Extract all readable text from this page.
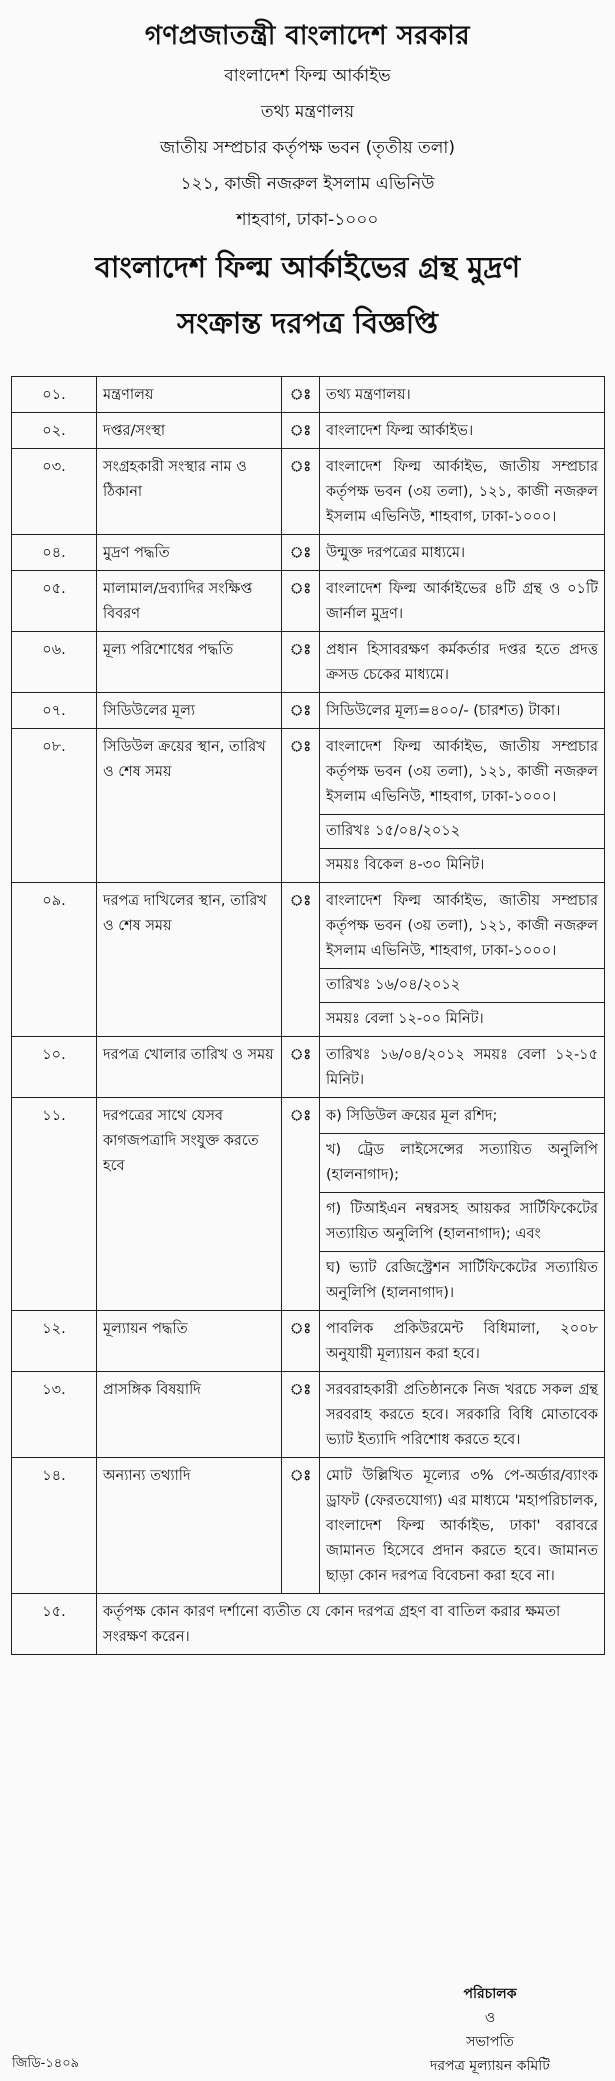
গণপ্রজাতন্ত্রী বাংলাদেশ সরকার
বাংলাদেশ ফিল্ম আর্কাইভ
তথ্য মন্ত্রণালয়
জাতীয় সম্প্রচার কর্তৃপক্ষ ভবন (তৃতীয় তলা)
১২১, কাজী নজরুল ইসলাম এভিনিউ
শাহবাগ, ঢাকা-১০০০
বাংলাদেশ ফিল্ম আর্কাইভের গ্রন্থ মুদ্রণ
সংক্রান্ত দরপত্র বিজ্ঞপ্তি
০১.	মন্ত্রণালয়	ঃ	তথ্য মন্ত্রণালয়।

০২.	দপ্তর/সংস্থা	ঃ	বাংলাদেশ ফিল্ম আর্কাইভ।

০৩.	সংগ্রহকারী সংস্থার নাম ও ঠিকানা	ঃ	বাংলাদেশ ফিল্ম আর্কাইভ, জাতীয় সম্প্রচার কর্তৃপক্ষ ভবন (৩য় তলা), ১২১, কাজী নজরুল ইসলাম এভিনিউ, শাহবাগ, ঢাকা-১০০০।

০৪.	মুদ্রণ পদ্ধতি	ঃ	উন্মুক্ত দরপত্রের মাধ্যমে।

০৫.	মালামাল/দ্রব্যাদির সংক্ষিপ্ত বিবরণ	ঃ	বাংলাদেশ ফিল্ম আর্কাইভের ৪টি গ্রন্থ ও ০১টি জার্নাল মুদ্রণ।

০৬.	মূল্য পরিশোধের পদ্ধতি	ঃ	প্রধান হিসাবরক্ষণ কর্মকর্তার দপ্তর হতে প্রদত্ত ক্রসড চেকের মাধ্যমে।

০৭.	সিডিউলের মূল্য	ঃ	সিডিউলের মূল্য=৪০০/- (চারশত) টাকা।

০৮.	সিডিউল ক্রয়ের স্থান, তারিখ ও শেষ সময়	ঃ	বাংলাদেশ ফিল্ম আর্কাইভ, জাতীয় সম্প্রচার কর্তৃপক্ষ ভবন (৩য় তলা), ১২১, কাজী নজরুল ইসলাম এভিনিউ, শাহবাগ, ঢাকা-১০০০।
তারিখঃ ১৫/০৪/২০১২
সময়ঃ বিকেল ৪-৩০ মিনিট।

০৯.	দরপত্র দাখিলের স্থান, তারিখ ও শেষ সময়	ঃ	বাংলাদেশ ফিল্ম আর্কাইভ, জাতীয় সম্প্রচার কর্তৃপক্ষ ভবন (৩য় তলা), ১২১, কাজী নজরুল ইসলাম এভিনিউ, শাহবাগ, ঢাকা-১০০০।
তারিখঃ ১৬/০৪/২০১২
সময়ঃ বেলা ১২-০০ মিনিট।

১০.	দরপত্র খোলার তারিখ ও সময়	ঃ	তারিখঃ ১৬/০৪/২০১২ সময়ঃ বেলা ১২-১৫ মিনিট।

১১.	দরপত্রের সাথে যেসব কাগজপত্রাদি সংযুক্ত করতে হবে	ঃ	ক) সিডিউল ক্রয়ের মূল রশিদ;
খ) ট্রেড লাইসেন্সের সত্যায়িত অনুলিপি (হালনাগাদ);
গ) টিআইএন নম্বরসহ আয়কর সার্টিফিকেটের সত্যায়িত অনুলিপি (হালনাগাদ); এবং
ঘ) ভ্যাট রেজিস্ট্রেশন সার্টিফিকেটের সত্যায়িত অনুলিপি (হালনাগাদ)।

১২.	মূল্যায়ন পদ্ধতি	ঃ	পাবলিক প্রকিউরমেন্ট বিধিমালা, ২০০৮ অনুযায়ী মূল্যায়ন করা হবে।

১৩.	প্রাসঙ্গিক বিষয়াদি	ঃ	সরবরাহকারী প্রতিষ্ঠানকে নিজ খরচে সকল গ্রন্থ সরবরাহ করতে হবে। সরকারি বিধি মোতাবেক ভ্যাট ইত্যাদি পরিশোধ করতে হবে।

১৪.	অন্যান্য তথ্যাদি	ঃ	মোট উল্লিখিত মূল্যের ৩% পে-অর্ডার/ব্যাংক ড্রাফট (ফেরতযোগ্য) এর মাধ্যমে 'মহাপরিচালক, বাংলাদেশ ফিল্ম আর্কাইভ, ঢাকা' বরাবরে জামানত হিসেবে প্রদান করতে হবে। জামানত ছাড়া কোন দরপত্র বিবেচনা করা হবে না।

১৫.	কর্তৃপক্ষ কোন কারণ দর্শানো ব্যতীত যে কোন দরপত্র গ্রহণ বা বাতিল করার ক্ষমতা সংরক্ষণ করেন।		
পরিচালক
ও
সভাপতি
দরপত্র মূল্যায়ন কমিটি
জিডি-১৪০৯
